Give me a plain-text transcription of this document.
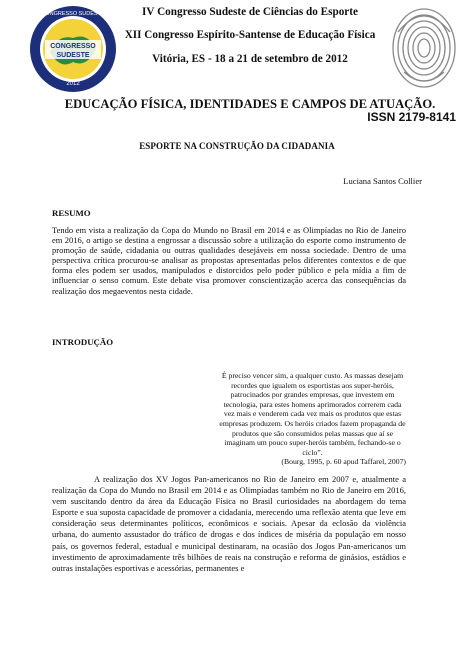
CONGRESSO
SUDESTE
2012
CONGRESSO SUDESTE	IV Congresso Sudeste de Ciências do Esporte
XII Congresso Espírito-Santense de Educação Física
Vitória, ES - 18 a 21 de setembro de 2012
EDUCAÇÃO FÍSICA, IDENTIDADES E CAMPOS DE ATUAÇÃO.
ISSN 2179-8141
ESPORTE NA CONSTRUÇÃO DA CIDADANIA
Luciana Santos Collier
RESUMO
Tendo em vista a realização da Copa do Mundo no Brasil em 2014 e as Olimpíadas no Rio de Janeiro em 2016, o artigo se destina a engrossar a discussão sobre a utilização do esporte como instrumento de promoção de saúde, cidadania ou outras qualidades desejáveis em nossa sociedade. Dentro de uma perspectiva crítica procurou-se analisar as propostas apresentadas pelos diferentes contextos e de que forma eles podem ser usados, manipulados e distorcidos pelo poder público e pela mídia a fim de influenciar o senso comum. Este debate visa promover conscientização acerca das consequências da realização dos megaeventos nesta cidade.
INTRODUÇÃO
É preciso vencer sim, a qualquer custo. As massas desejam recordes que igualem os esportistas aos super-heróis, patrocinados por grandes empresas, que investem em tecnologia, para estes homens aprimorados correrem cada vez mais e venderem cada vez mais os produtos que estas empresas produzem. Os heróis criados fazem propaganda de produtos que são consumidos pelas massas que aí se imaginam um pouco super-heróis também, fechando-se o ciclo”.
(Bourg, 1995, p. 60 apud Taffarel, 2007)
A realização dos XV Jogos Pan-americanos no Rio de Janeiro em 2007 e, atualmente a realização da Copa do Mundo no Brasil em 2014 e as Olimpíadas também no Rio de Janeiro em 2016, vem suscitando dentro da área da Educação Física no Brasil curiosidades na abordagem do tema Esporte e sua suposta capacidade de promover a cidadania, merecendo uma reflexão atenta que leve em consideração seus determinantes políticos, econômicos e sociais. Apesar da eclosão da violência urbana, do aumento assustador do tráfico de drogas e dos índices de miséria da população em nosso país, os governos federal, estadual e municipal destinaram, na ocasião dos Jogos Pan-americanos um investimento de aproximadamente três bilhões de reais na construção e reforma de ginásios, estádios e outras instalações esportivas e acessórias, permanentes e
